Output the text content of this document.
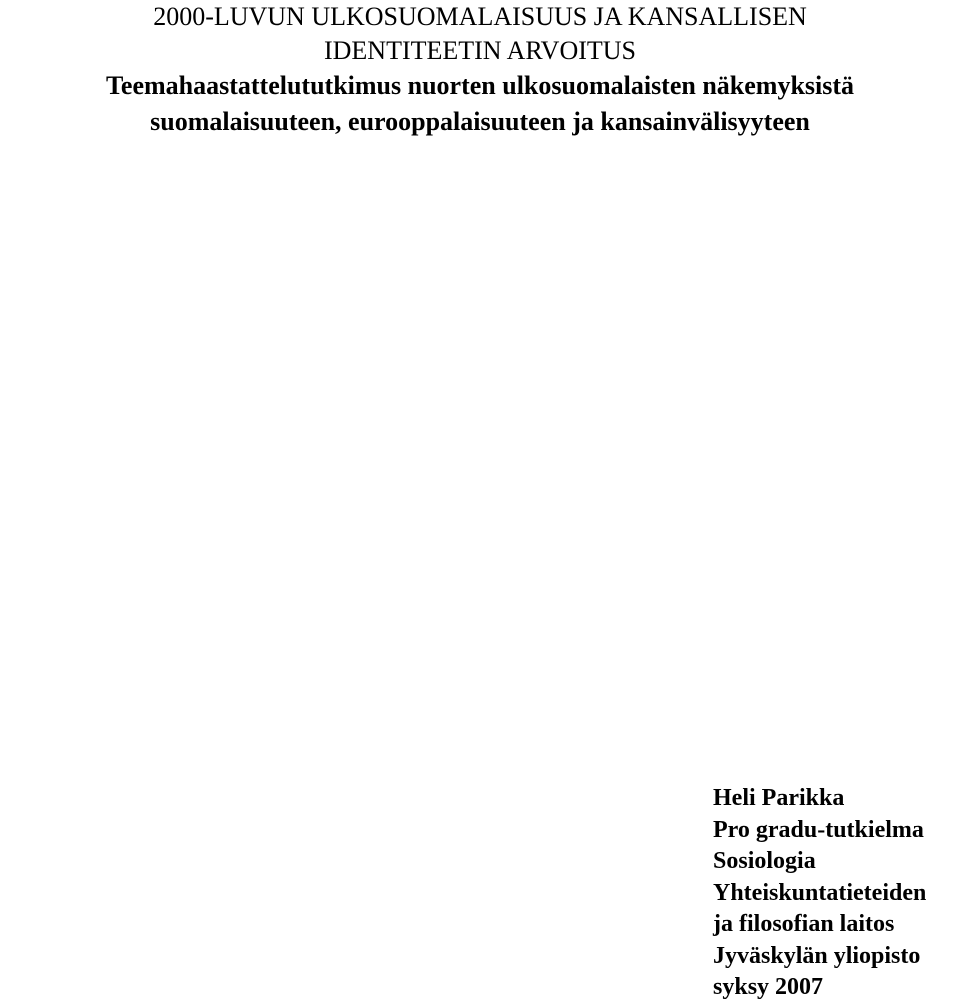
2000-LUVUN ULKOSUOMALAISUUS JA KANSALLISEN
IDENTITEETIN ARVOITUS
Teemahaastattelututkimus nuorten ulkosuomalaisten näkemyksistä
suomalaisuuteen, eurooppalaisuuteen ja kansainvälisyyteen
Heli Parikka
Pro gradu-tutkielma
Sosiologia
Yhteiskuntatieteiden
ja filosofian laitos
Jyväskylän yliopisto
syksy 2007
